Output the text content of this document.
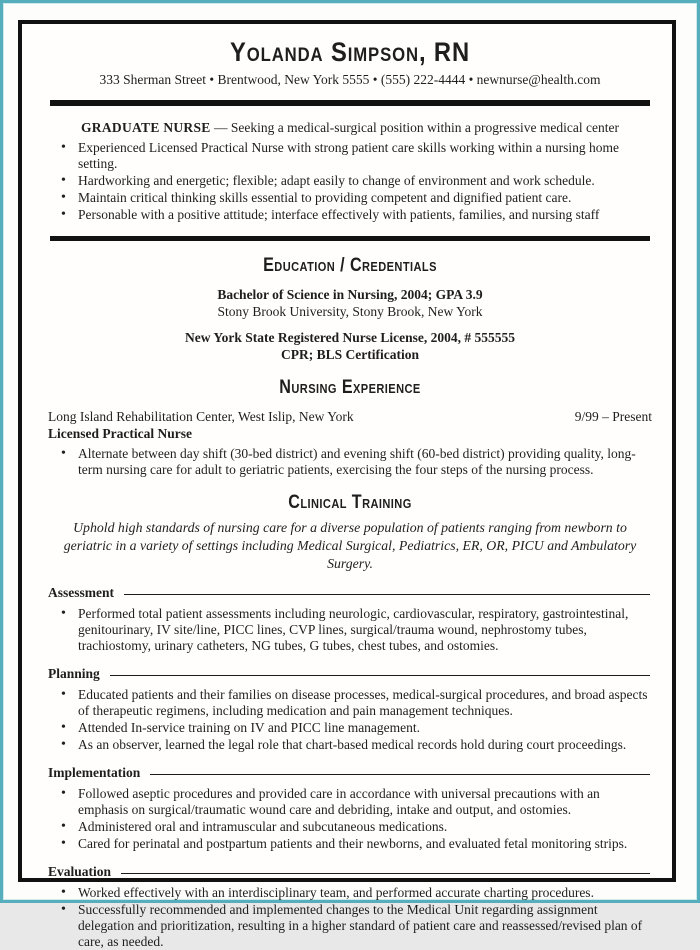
Yolanda Simpson, RN
333 Sherman Street • Brentwood, New York 5555 • (555) 222-4444 • newnurse@health.com

GRADUATE NURSE — Seeking a medical-surgical position within a progressive medical center

• Experienced Licensed Practical Nurse with strong patient care skills working within a nursing home setting.
• Hardworking and energetic; flexible; adapt easily to change of environment and work schedule.
• Maintain critical thinking skills essential to providing competent and dignified patient care.
• Personable with a positive attitude; interface effectively with patients, families, and nursing staff
Education / Credentials
Bachelor of Science in Nursing, 2004; GPA 3.9
Stony Brook University, Stony Brook, New York
New York State Registered Nurse License, 2004, # 555555
CPR; BLS Certification
Nursing Experience
Long Island Rehabilitation Center, West Islip, New York	9/99 – Present
Licensed Practical Nurse
• Alternate between day shift (30-bed district) and evening shift (60-bed district) providing quality, long-term nursing care for adult to geriatric patients, exercising the four steps of the nursing process.
Clinical Training

Uphold high standards of nursing care for a diverse population of patients ranging from newborn to geriatric in a variety of settings including Medical Surgical, Pediatrics, ER, OR, PICU and Ambulatory Surgery.

Assessment
• Performed total patient assessments including neurologic, cardiovascular, respiratory, gastrointestinal, genitourinary, IV site/line, PICC lines, CVP lines, surgical/trauma wound, nephrostomy tubes, trachiostomy, urinary catheters, NG tubes, G tubes, chest tubes, and ostomies.
Planning
• Educated patients and their families on disease processes, medical-surgical procedures, and broad aspects of therapeutic regimens, including medication and pain management techniques.
• Attended In-service training on IV and PICC line management.
• As an observer, learned the legal role that chart-based medical records hold during court proceedings.
Implementation
• Followed aseptic procedures and provided care in accordance with universal precautions with an emphasis on surgical/traumatic wound care and debriding, intake and output, and ostomies.
• Administered oral and intramuscular and subcutaneous medications.
• Cared for perinatal and postpartum patients and their newborns, and evaluated fetal monitoring strips.
Evaluation
• Worked effectively with an interdisciplinary team, and performed accurate charting procedures.
• Successfully recommended and implemented changes to the Medical Unit regarding assignment delegation and prioritization, resulting in a higher standard of patient care and reassessed/revised plan of care, as needed.
